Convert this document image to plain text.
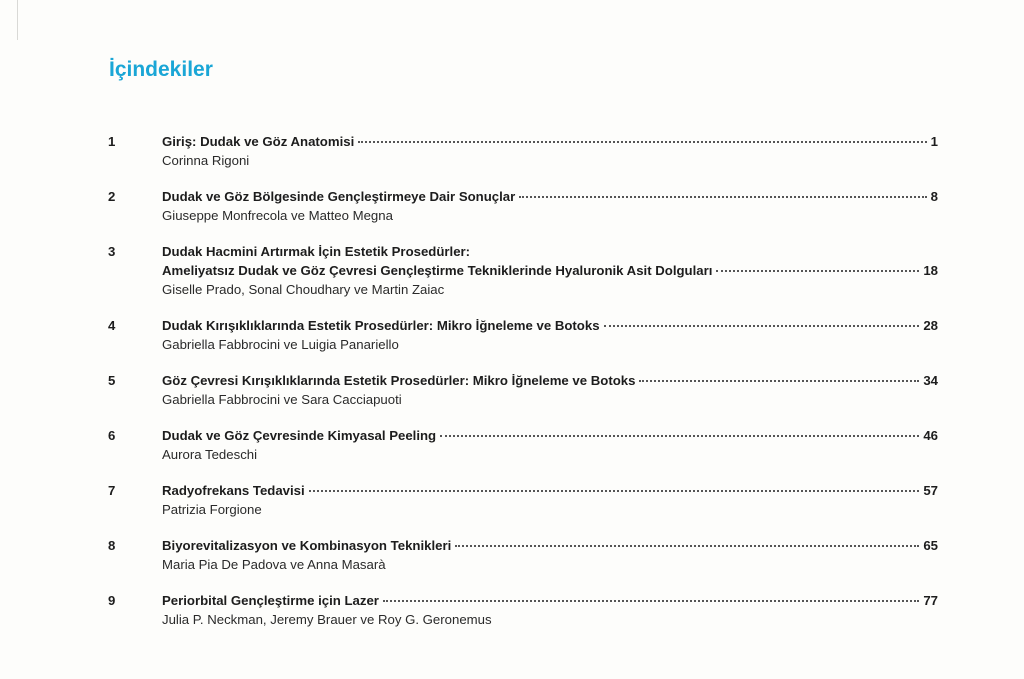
İçindekiler
1	Giriş: Dudak ve Göz Anatomisi	1
Corinna Rigoni
2	Dudak ve Göz Bölgesinde Gençleştirmeye Dair Sonuçlar	8
Giuseppe Monfrecola ve Matteo Megna
3	Dudak Hacmini Artırmak İçin Estetik Prosedürler:
Ameliyatsız Dudak ve Göz Çevresi Gençleştirme Tekniklerinde Hyaluronik Asit Dolguları	18
Giselle Prado, Sonal Choudhary ve Martin Zaiac
4	Dudak Kırışıklıklarında Estetik Prosedürler: Mikro İğneleme ve Botoks	28
Gabriella Fabbrocini ve Luigia Panariello
5	Göz Çevresi Kırışıklıklarında Estetik Prosedürler: Mikro İğneleme ve Botoks	34
Gabriella Fabbrocini ve Sara Cacciapuoti
6	Dudak ve Göz Çevresinde Kimyasal Peeling	46
Aurora Tedeschi
7	Radyofrekans Tedavisi	57
Patrizia Forgione
8	Biyorevitalizasyon ve Kombinasyon Teknikleri	65
Maria Pia De Padova ve Anna Masarà
9	Periorbital Gençleştirme için Lazer	77
Julia P. Neckman, Jeremy Brauer ve Roy G. Geronemus
